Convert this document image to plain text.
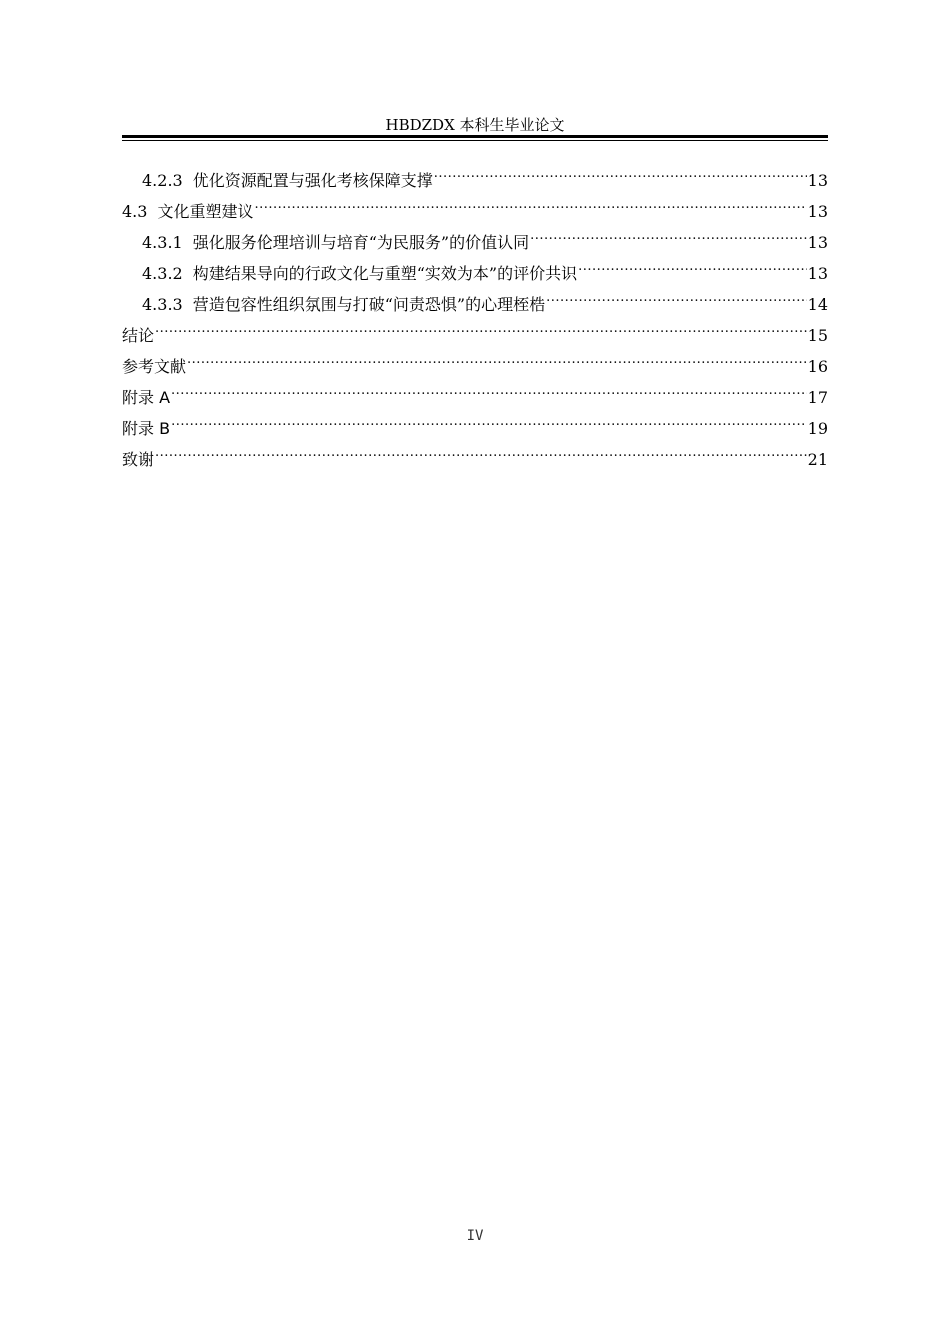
HBDZDX 本科生毕业论文
4.2.3 优化资源配置与强化考核保障支撑 .....	13
4.3 文化重塑建议 .....	13
4.3.1 强化服务伦理培训与培育“为民服务”的价值认同 .....	13
4.3.2 构建结果导向的行政文化与重塑“实效为本”的评价共识 .....	13
4.3.3 营造包容性组织氛围与打破“问责恐惧”的心理桎梏 .....	14
结论 .....	15
参考文献 .....	16
附录 A .....	17
附录 B .....	19
致谢 .....	21
IV
